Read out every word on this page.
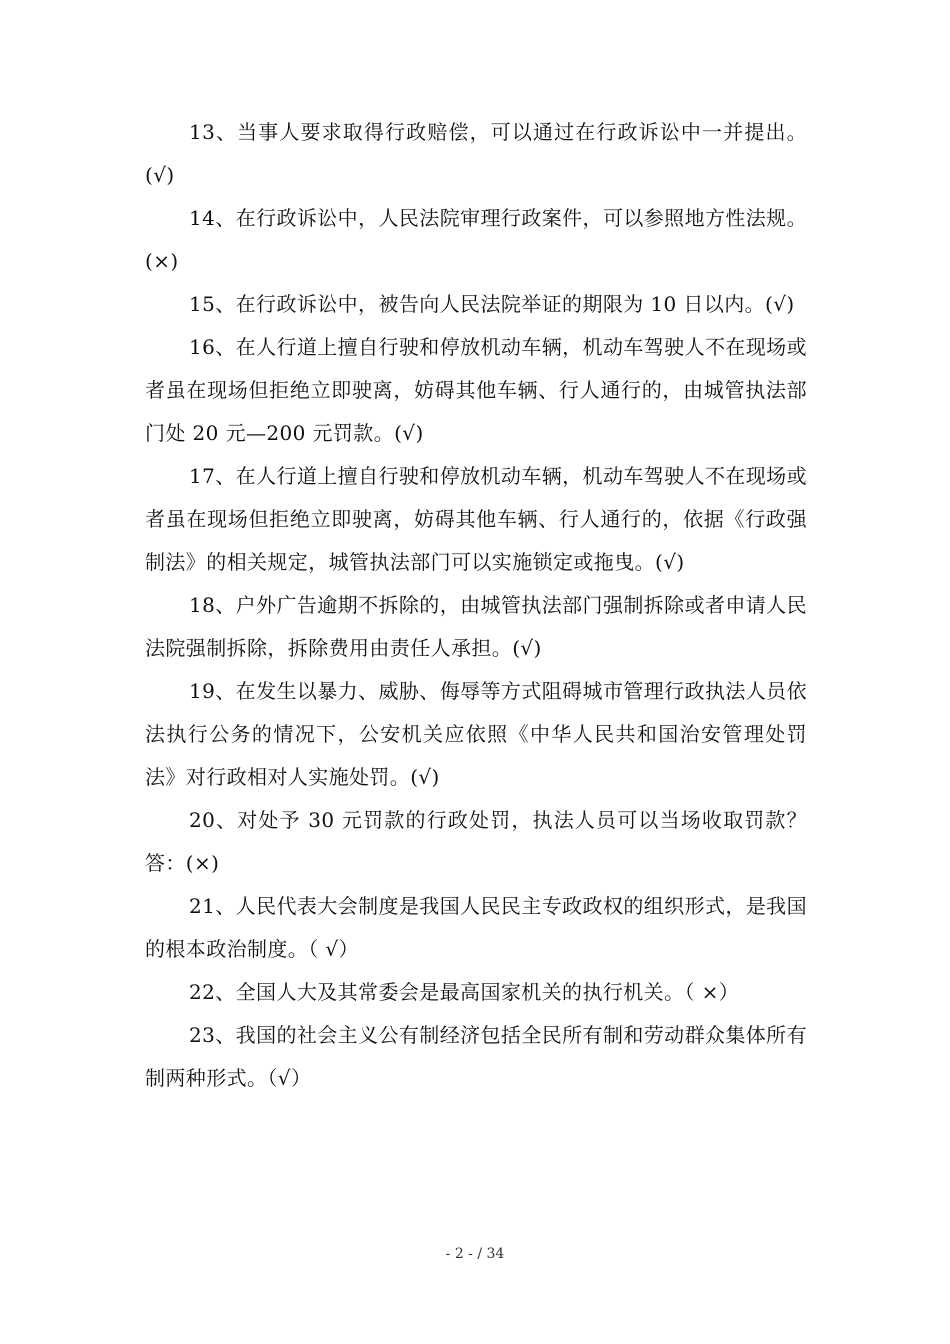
13、当事人要求取得行政赔偿，可以通过在行政诉讼中一并提出。(√)

14、在行政诉讼中，人民法院审理行政案件，可以参照地方性法规。(×)

15、在行政诉讼中，被告向人民法院举证的期限为 10 日以内。(√)

16、在人行道上擅自行驶和停放机动车辆，机动车驾驶人不在现场或者虽在现场但拒绝立即驶离，妨碍其他车辆、行人通行的，由城管执法部门处 20 元—200 元罚款。(√)

17、在人行道上擅自行驶和停放机动车辆，机动车驾驶人不在现场或者虽在现场但拒绝立即驶离，妨碍其他车辆、行人通行的，依据《行政强制法》的相关规定，城管执法部门可以实施锁定或拖曳。(√)

18、户外广告逾期不拆除的，由城管执法部门强制拆除或者申请人民法院强制拆除，拆除费用由责任人承担。(√)

19、在发生以暴力、威胁、侮辱等方式阻碍城市管理行政执法人员依法执行公务的情况下，公安机关应依照《中华人民共和国治安管理处罚法》对行政相对人实施处罚。(√)

20、对处予 30 元罚款的行政处罚，执法人员可以当场收取罚款？答：(×)

21、人民代表大会制度是我国人民民主专政政权的组织形式，是我国的根本政治制度。（ √）

22、全国人大及其常委会是最高国家机关的执行机关。（ ×）

23、我国的社会主义公有制经济包括全民所有制和劳动群众集体所有制两种形式。（√）

- 2 - / 34
